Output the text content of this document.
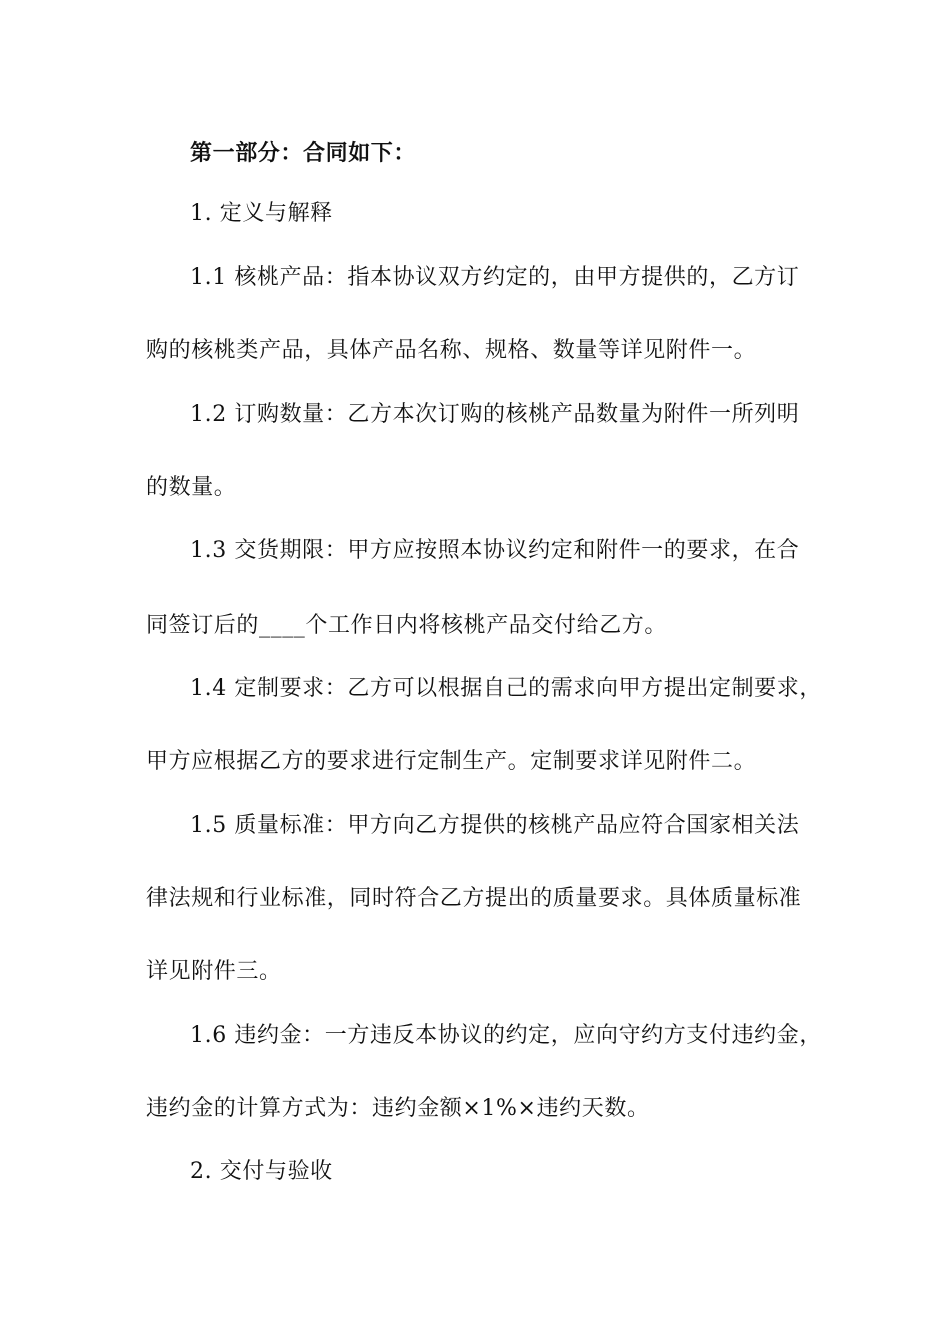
第一部分：合同如下：
1. 定义与解释
1.1 核桃产品：指本协议双方约定的，由甲方提供的，乙方订
购的核桃类产品，具体产品名称、规格、数量等详见附件一。
1.2 订购数量：乙方本次订购的核桃产品数量为附件一所列明
的数量。
1.3 交货期限：甲方应按照本协议约定和附件一的要求，在合
同签订后的____个工作日内将核桃产品交付给乙方。
1.4 定制要求：乙方可以根据自己的需求向甲方提出定制要求，
甲方应根据乙方的要求进行定制生产。定制要求详见附件二。
1.5 质量标准：甲方向乙方提供的核桃产品应符合国家相关法
律法规和行业标准，同时符合乙方提出的质量要求。具体质量标准
详见附件三。
1.6 违约金：一方违反本协议的约定，应向守约方支付违约金，
违约金的计算方式为：违约金额×1%×违约天数。
2. 交付与验收
